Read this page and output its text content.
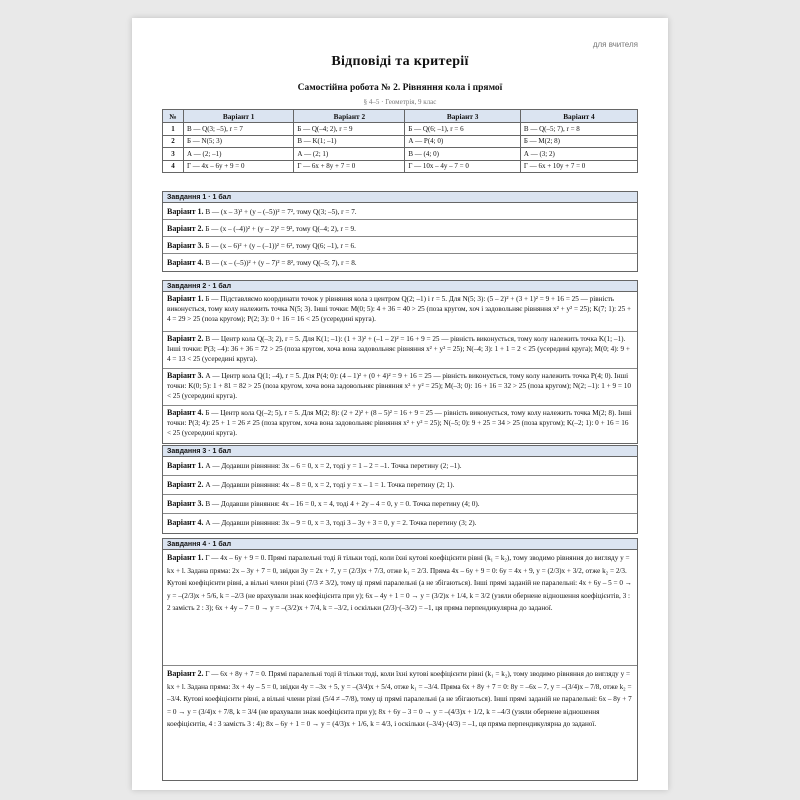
для вчителя
Відповіді та критерії
Самостійна робота № 2. Рівняння кола і прямої
§ 4–5 · Геометрія, 9 клас
№	Варіант 1	Варіант 2	Варіант 3	Варіант 4
1	B — Q(3; –5), r = 7	Б — Q(–4; 2), r = 9	Б — Q(6; –1), r = 6	В — Q(–5; 7), r = 8
2	Б — N(5; 3)	В — K(1; –1)	А — P(4; 0)	Б — M(2; 8)
3	А — (2; –1)	А — (2; 1)	В — (4; 0)	А — (3; 2)
4	Г — 4x – 6y + 9 = 0	Г — 6x + 8y + 7 = 0	Г — 10x – 4y – 7 = 0	Г — 6x + 10y + 7 = 0
Завдання 1 · 1 бал
Варіант 1. B — (x – 3)² + (y – (–5))² = 7², тому Q(3; –5), r = 7.
Варіант 2. Б — (x – (–4))² + (y – 2)² = 9², тому Q(–4; 2), r = 9.
Варіант 3. Б — (x – 6)² + (y – (–1))² = 6², тому Q(6; –1), r = 6.
Варіант 4. В — (x – (–5))² + (y – 7)² = 8², тому Q(–5; 7), r = 8.
Завдання 2 · 1 бал
Варіант 1. Б — Підставляємо координати точок у рівняння кола з центром Q(2; –1) і r = 5. Для N(5; 3): (5 – 2)² + (3 + 1)² = 9 + 16 = 25 — рівність виконується, тому колу належить точка N(5; 3). Інші точки: M(0; 5): 4 + 36 = 40 > 25 (поза кругом, хоч і задовольняє рівняння x² + y² = 25); K(7; 1): 25 + 4 = 29 > 25 (поза кругом); P(2; 3): 0 + 16 = 16 < 25 (усередині круга).
Варіант 2. В — Центр кола Q(–3; 2), r = 5. Для K(1; –1): (1 + 3)² + (–1 – 2)² = 16 + 9 = 25 — рівність виконується, тому колу належить точка K(1; –1). Інші точки: P(3; –4): 36 + 36 = 72 > 25 (поза кругом, хоча вона задовольняє рівняння x² + y² = 25); N(–4; 3): 1 + 1 = 2 < 25 (усередині круга); M(0; 4): 9 + 4 = 13 < 25 (усередині круга).
Варіант 3. А — Центр кола Q(1; –4), r = 5. Для P(4; 0): (4 – 1)² + (0 + 4)² = 9 + 16 = 25 — рівність виконується, тому колу належить точка P(4; 0). Інші точки: K(0; 5): 1 + 81 = 82 > 25 (поза кругом, хоча вона задовольняє рівняння x² + y² = 25); M(–3; 0): 16 + 16 = 32 > 25 (поза кругом); N(2; –1): 1 + 9 = 10 < 25 (усередині круга).
Варіант 4. Б — Центр кола Q(–2; 5), r = 5. Для M(2; 8): (2 + 2)² + (8 – 5)² = 16 + 9 = 25 — рівність виконується, тому колу належить точка M(2; 8). Інші точки: P(3; 4): 25 + 1 = 26 ≠ 25 (поза кругом, хоча вона задовольняє рівняння x² + y² = 25); N(–5; 0): 9 + 25 = 34 > 25 (поза кругом); K(–2; 1): 0 + 16 = 16 < 25 (усередині круга).
Завдання 3 · 1 бал
Варіант 1. А — Додавши рівняння: 3x – 6 = 0, x = 2, тоді y = 1 – 2 = –1. Точка перетину (2; –1).
Варіант 2. А — Додавши рівняння: 4x – 8 = 0, x = 2, тоді y = x – 1 = 1. Точка перетину (2; 1).
Варіант 3. В — Додавши рівняння: 4x – 16 = 0, x = 4, тоді 4 + 2y – 4 = 0, y = 0. Точка перетину (4; 0).
Варіант 4. А — Додавши рівняння: 3x – 9 = 0, x = 3, тоді 3 – 3y + 3 = 0, y = 2. Точка перетину (3; 2).
Завдання 4 · 1 бал
Варіант 1. Г — 4x – 6y + 9 = 0. Прямі паралельні тоді й тільки тоді, коли їхні кутові коефіцієнти рівні (k₁ = k₂), тому зводимо рівняння до вигляду y = kx + l. Задана пряма: 2x – 3y + 7 = 0, звідки 3y = 2x + 7, y = (2/3)x + 7/3, отже k₁ = 2/3. Пряма 4x – 6y + 9 = 0: 6y = 4x + 9, y = (2/3)x + 3/2, отже k₂ = 2/3. Кутові коефіцієнти рівні, а вільні члени різні (7/3 ≠ 3/2), тому ці прямі паралельні (а не збігаються). Інші прямі заданій не паралельні: 4x + 6y – 5 = 0 → y = –(2/3)x + 5/6, k = –2/3 (не врахували знак коефіцієнта при y); 6x – 4y + 1 = 0 → y = (3/2)x + 1/4, k = 3/2 (узяли обернене відношення коефіцієнтів, 3 : 2 замість 2 : 3); 6x + 4y – 7 = 0 → y = –(3/2)x + 7/4, k = –3/2, і оскільки (2/3)·(–3/2) = –1, ця пряма перпендикулярна до заданої.
Варіант 2. Г — 6x + 8y + 7 = 0. Прямі паралельні тоді й тільки тоді, коли їхні кутові коефіцієнти рівні (k₁ = k₂), тому зводимо рівняння до вигляду y = kx + l. Задана пряма: 3x + 4y – 5 = 0, звідки 4y = –3x + 5, y = –(3/4)x + 5/4, отже k₁ = –3/4. Пряма 6x + 8y + 7 = 0: 8y = –6x – 7, y = –(3/4)x – 7/8, отже k₂ = –3/4. Кутові коефіцієнти рівні, а вільні члени різні (5/4 ≠ –7/8), тому ці прямі паралельні (а не збігаються). Інші прямі заданій не паралельні: 6x – 8y + 7 = 0 → y = (3/4)x + 7/8, k = 3/4 (не врахували знак коефіцієнта при y); 8x + 6y – 3 = 0 → y = –(4/3)x + 1/2, k = –4/3 (узяли обернене відношення коефіцієнтів, 4 : 3 замість 3 : 4); 8x – 6y + 1 = 0 → y = (4/3)x + 1/6, k = 4/3, і оскільки (–3/4)·(4/3) = –1, ця пряма перпендикулярна до заданої.
